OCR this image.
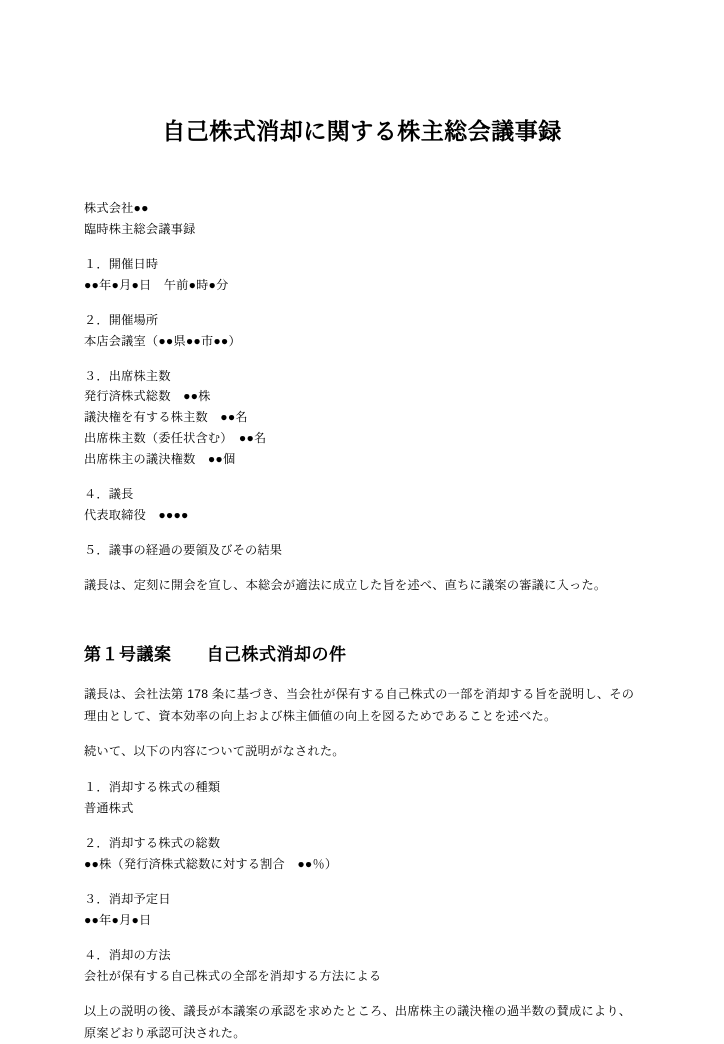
自己株式消却に関する株主総会議事録
株式会社●●
臨時株主総会議事録
１．開催日時
●●年●月●日　午前●時●分
２．開催場所
本店会議室（●●県●●市●●）
３．出席株主数
発行済株式総数　●●株
議決権を有する株主数　●●名
出席株主数（委任状含む）　●●名
出席株主の議決権数　●●個
４．議長
代表取締役　●●●●
５．議事の経過の要領及びその結果

議長は、定刻に開会を宣し、本総会が適法に成立した旨を述べ、直ちに議案の審議に入った。

第１号議案　　自己株式消却の件

議長は、会社法第 178 条に基づき、当会社が保有する自己株式の一部を消却する旨を説明し、その理由として、資本効率の向上および株主価値の向上を図るためであることを述べた。

続いて、以下の内容について説明がなされた。

１．消却する株式の種類
普通株式
２．消却する株式の総数
●●株（発行済株式総数に対する割合　●●％）
３．消却予定日
●●年●月●日
４．消却の方法
会社が保有する自己株式の全部を消却する方法による

以上の説明の後、議長が本議案の承認を求めたところ、出席株主の議決権の過半数の賛成により、原案どおり承認可決された。
